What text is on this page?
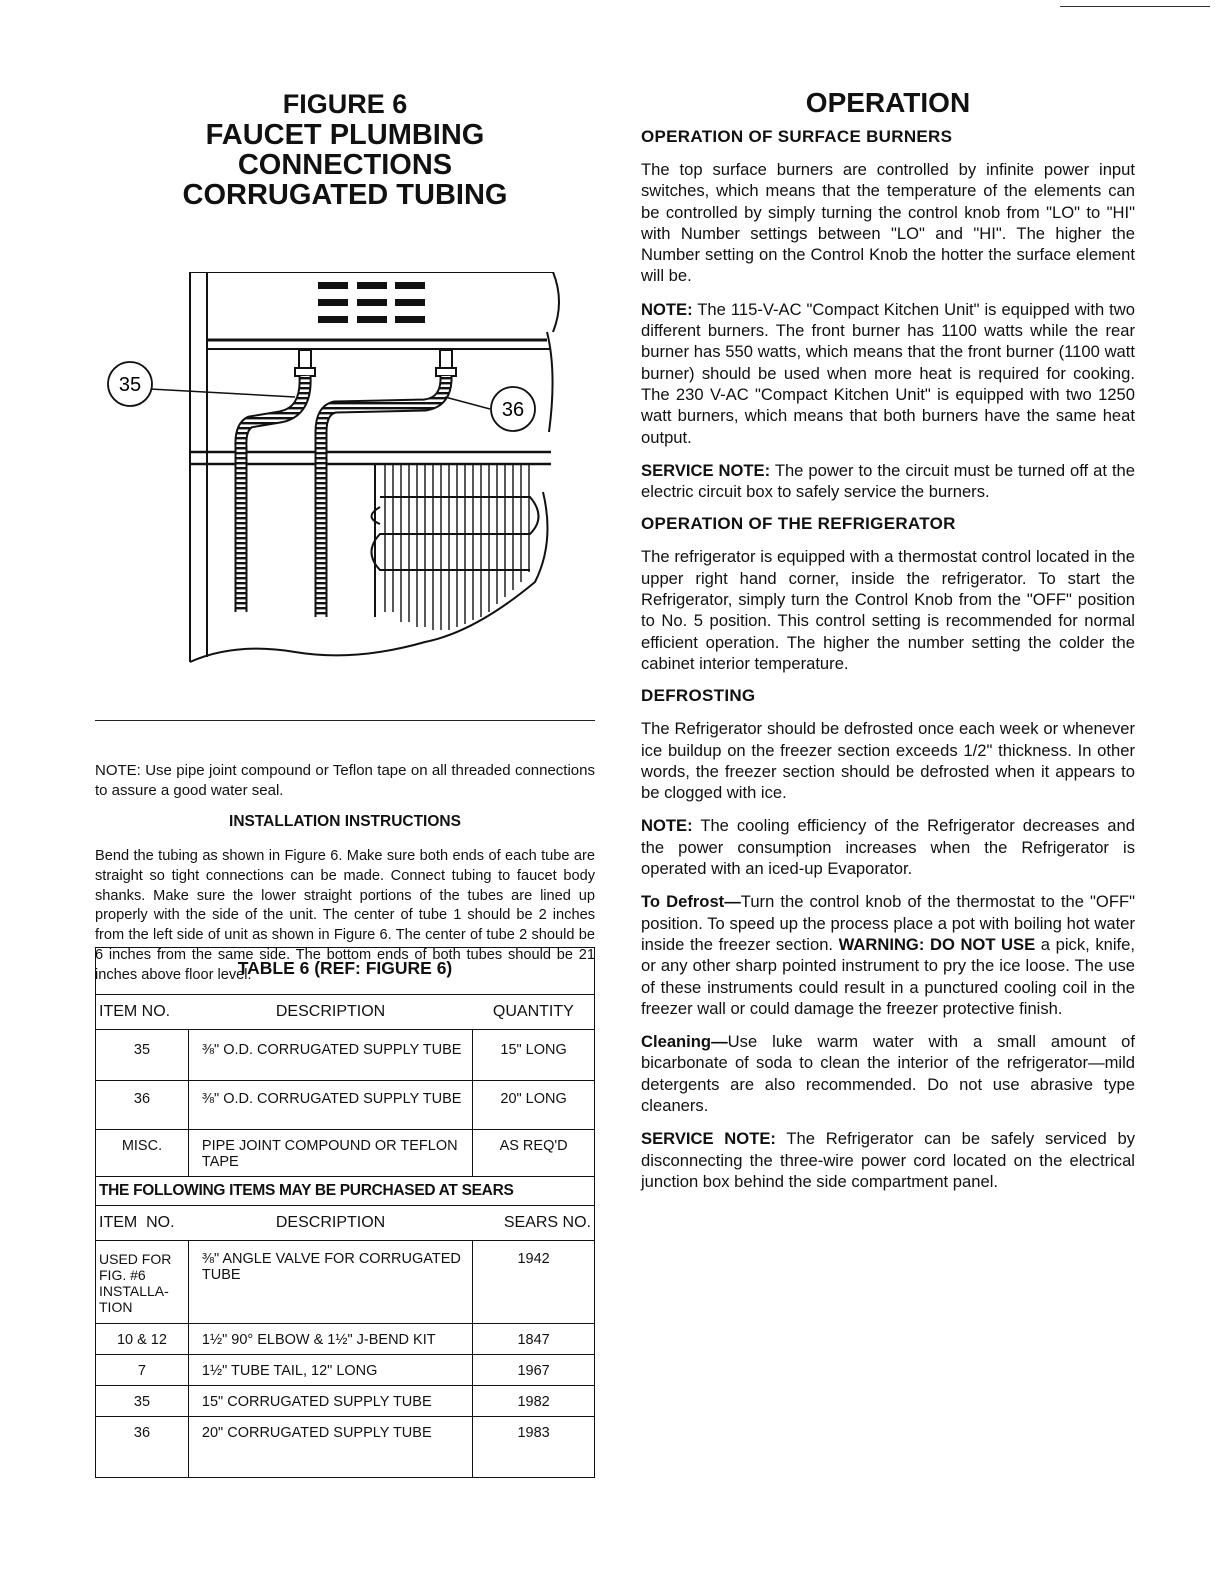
FIGURE 6

FAUCET PLUMBING CONNECTIONS

CORRUGATED TUBING

35
36

NOTE: Use pipe joint compound or Teflon tape on all threaded connections to assure a good water seal.

INSTALLATION INSTRUCTIONS

Bend the tubing as shown in Figure 6. Make sure both ends of each tube are straight so tight connections can be made. Connect tubing to faucet body shanks. Make sure the lower straight portions of the tubes are lined up properly with the side of the unit. The center of tube 1 should be 2 inches from the left side of unit as shown in Figure 6. The center of tube 2 should be 6 inches from the same side. The bottom ends of both tubes should be 21 inches above floor level.

TABLE 6 (REF: FIGURE 6)		
ITEM NO.	DESCRIPTION	QUANTITY
35	⅜" O.D. CORRUGATED SUPPLY TUBE	15" LONG
36	⅜" O.D. CORRUGATED SUPPLY TUBE	20" LONG
MISC.	PIPE JOINT COMPOUND OR TEFLON TAPE	AS REQ'D
THE FOLLOWING ITEMS MAY BE PURCHASED AT SEARS		
ITEM  NO.	DESCRIPTION	SEARS NO.
USED FOR FIG. #6 INSTALLA-TION	⅜" ANGLE VALVE FOR CORRUGATED TUBE	1942
10 & 12	1½" 90° ELBOW & 1½" J-BEND KIT	1847
7	1½" TUBE TAIL, 12" LONG	1967
35	15" CORRUGATED SUPPLY TUBE	1982
36	20" CORRUGATED SUPPLY TUBE	1983

OPERATION

OPERATION OF SURFACE BURNERS

The top surface burners are controlled by infinite power input switches, which means that the temperature of the elements can be controlled by simply turning the control knob from "LO" to "HI" with Number settings between "LO" and "HI". The higher the Number setting on the Control Knob the hotter the surface element will be.

NOTE: The 115-V-AC "Compact Kitchen Unit" is equipped with two different burners. The front burner has 1100 watts while the rear burner has 550 watts, which means that the front burner (1100 watt burner) should be used when more heat is required for cooking. The 230 V-AC "Compact Kitchen Unit" is equipped with two 1250 watt burners, which means that both burners have the same heat output.

SERVICE NOTE: The power to the circuit must be turned off at the electric circuit box to safely service the burners.

OPERATION OF THE REFRIGERATOR

The refrigerator is equipped with a thermostat control located in the upper right hand corner, inside the refrigerator. To start the Refrigerator, simply turn the Control Knob from the "OFF" position to No. 5 position. This control setting is recommended for normal efficient operation. The higher the number setting the colder the cabinet interior temperature.

DEFROSTING

The Refrigerator should be defrosted once each week or whenever ice buildup on the freezer section exceeds 1/2" thickness. In other words, the freezer section should be defrosted when it appears to be clogged with ice.

NOTE: The cooling efficiency of the Refrigerator decreases and the power consumption increases when the Refrigerator is operated with an iced-up Evaporator.

To Defrost—Turn the control knob of the thermostat to the "OFF" position. To speed up the process place a pot with boiling hot water inside the freezer section. WARNING: DO NOT USE a pick, knife, or any other sharp pointed instrument to pry the ice loose. The use of these instruments could result in a punctured cooling coil in the freezer wall or could damage the freezer protective finish.

Cleaning—Use luke warm water with a small amount of bicarbonate of soda to clean the interior of the refrigerator—mild detergents are also recommended. Do not use abrasive type cleaners.

SERVICE NOTE: The Refrigerator can be safely serviced by disconnecting the three-wire power cord located on the electrical junction box behind the side compartment panel.
